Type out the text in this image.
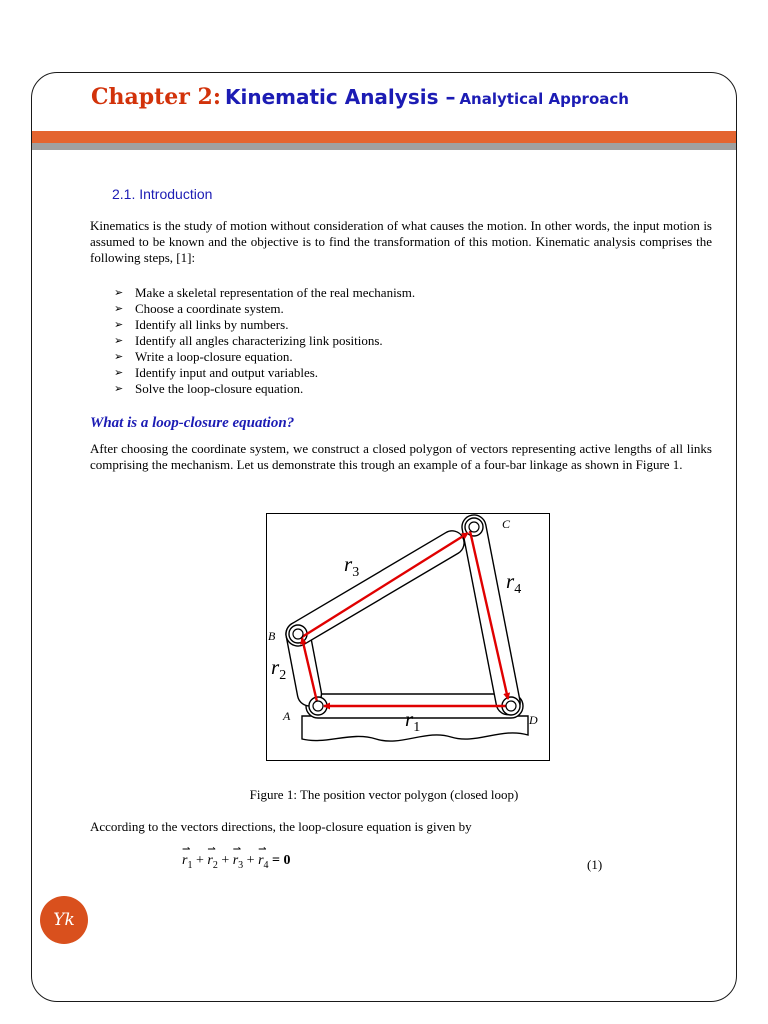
Chapter 2: Kinematic Analysis – Analytical Approach
2.1. Introduction

Kinematics is the study of motion without consideration of what causes the motion. In other words, the input motion is assumed to be known and the objective is to find the transformation of this motion. Kinematic analysis comprises the following steps, [1]:

➢ Make a skeletal representation of the real mechanism.
➢ Choose a coordinate system.
➢ Identify all links by numbers.
➢ Identify all angles characterizing link positions.
➢ Write a loop-closure equation.
➢ Identify input and output variables.
➢ Solve the loop-closure equation.
What is a loop-closure equation?

After choosing the coordinate system, we construct a closed polygon of vectors representing active lengths of all links comprising the mechanism. Let us demonstrate this trough an example of a four-bar linkage as shown in Figure 1.

A
B
C
D
$r_3$	$r_4$
$r_2$
$r_1$
Figure 1: The position vector polygon (closed loop)

According to the vectors directions, the loop-closure equation is given by

⇀
$r_1$ +
⇀
$r_2$ +
⇀
$r_3$ +
⇀
$r_4 = 0$	(1)
Yk
